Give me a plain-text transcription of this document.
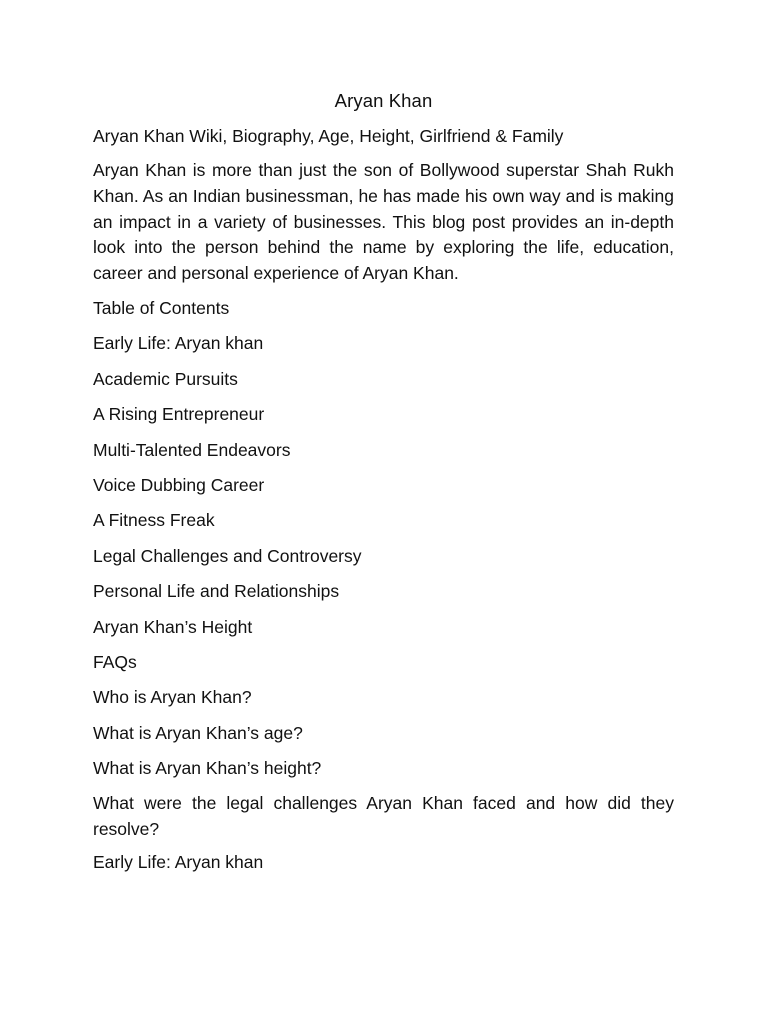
Aryan Khan
Aryan Khan Wiki, Biography, Age, Height, Girlfriend & Family
Aryan Khan is more than just the son of Bollywood superstar Shah Rukh Khan. As an Indian businessman, he has made his own way and is making an impact in a variety of businesses. This blog post provides an in-depth look into the person behind the name by exploring the life, education, career and personal experience of Aryan Khan.
Table of Contents
Early Life: Aryan khan
Academic Pursuits
A Rising Entrepreneur
Multi-Talented Endeavors
Voice Dubbing Career
A Fitness Freak
Legal Challenges and Controversy
Personal Life and Relationships
Aryan Khan’s Height
FAQs
Who is Aryan Khan?
What is Aryan Khan’s age?
What is Aryan Khan’s height?
What were the legal challenges Aryan Khan faced and how did they resolve?
Early Life: Aryan khan
